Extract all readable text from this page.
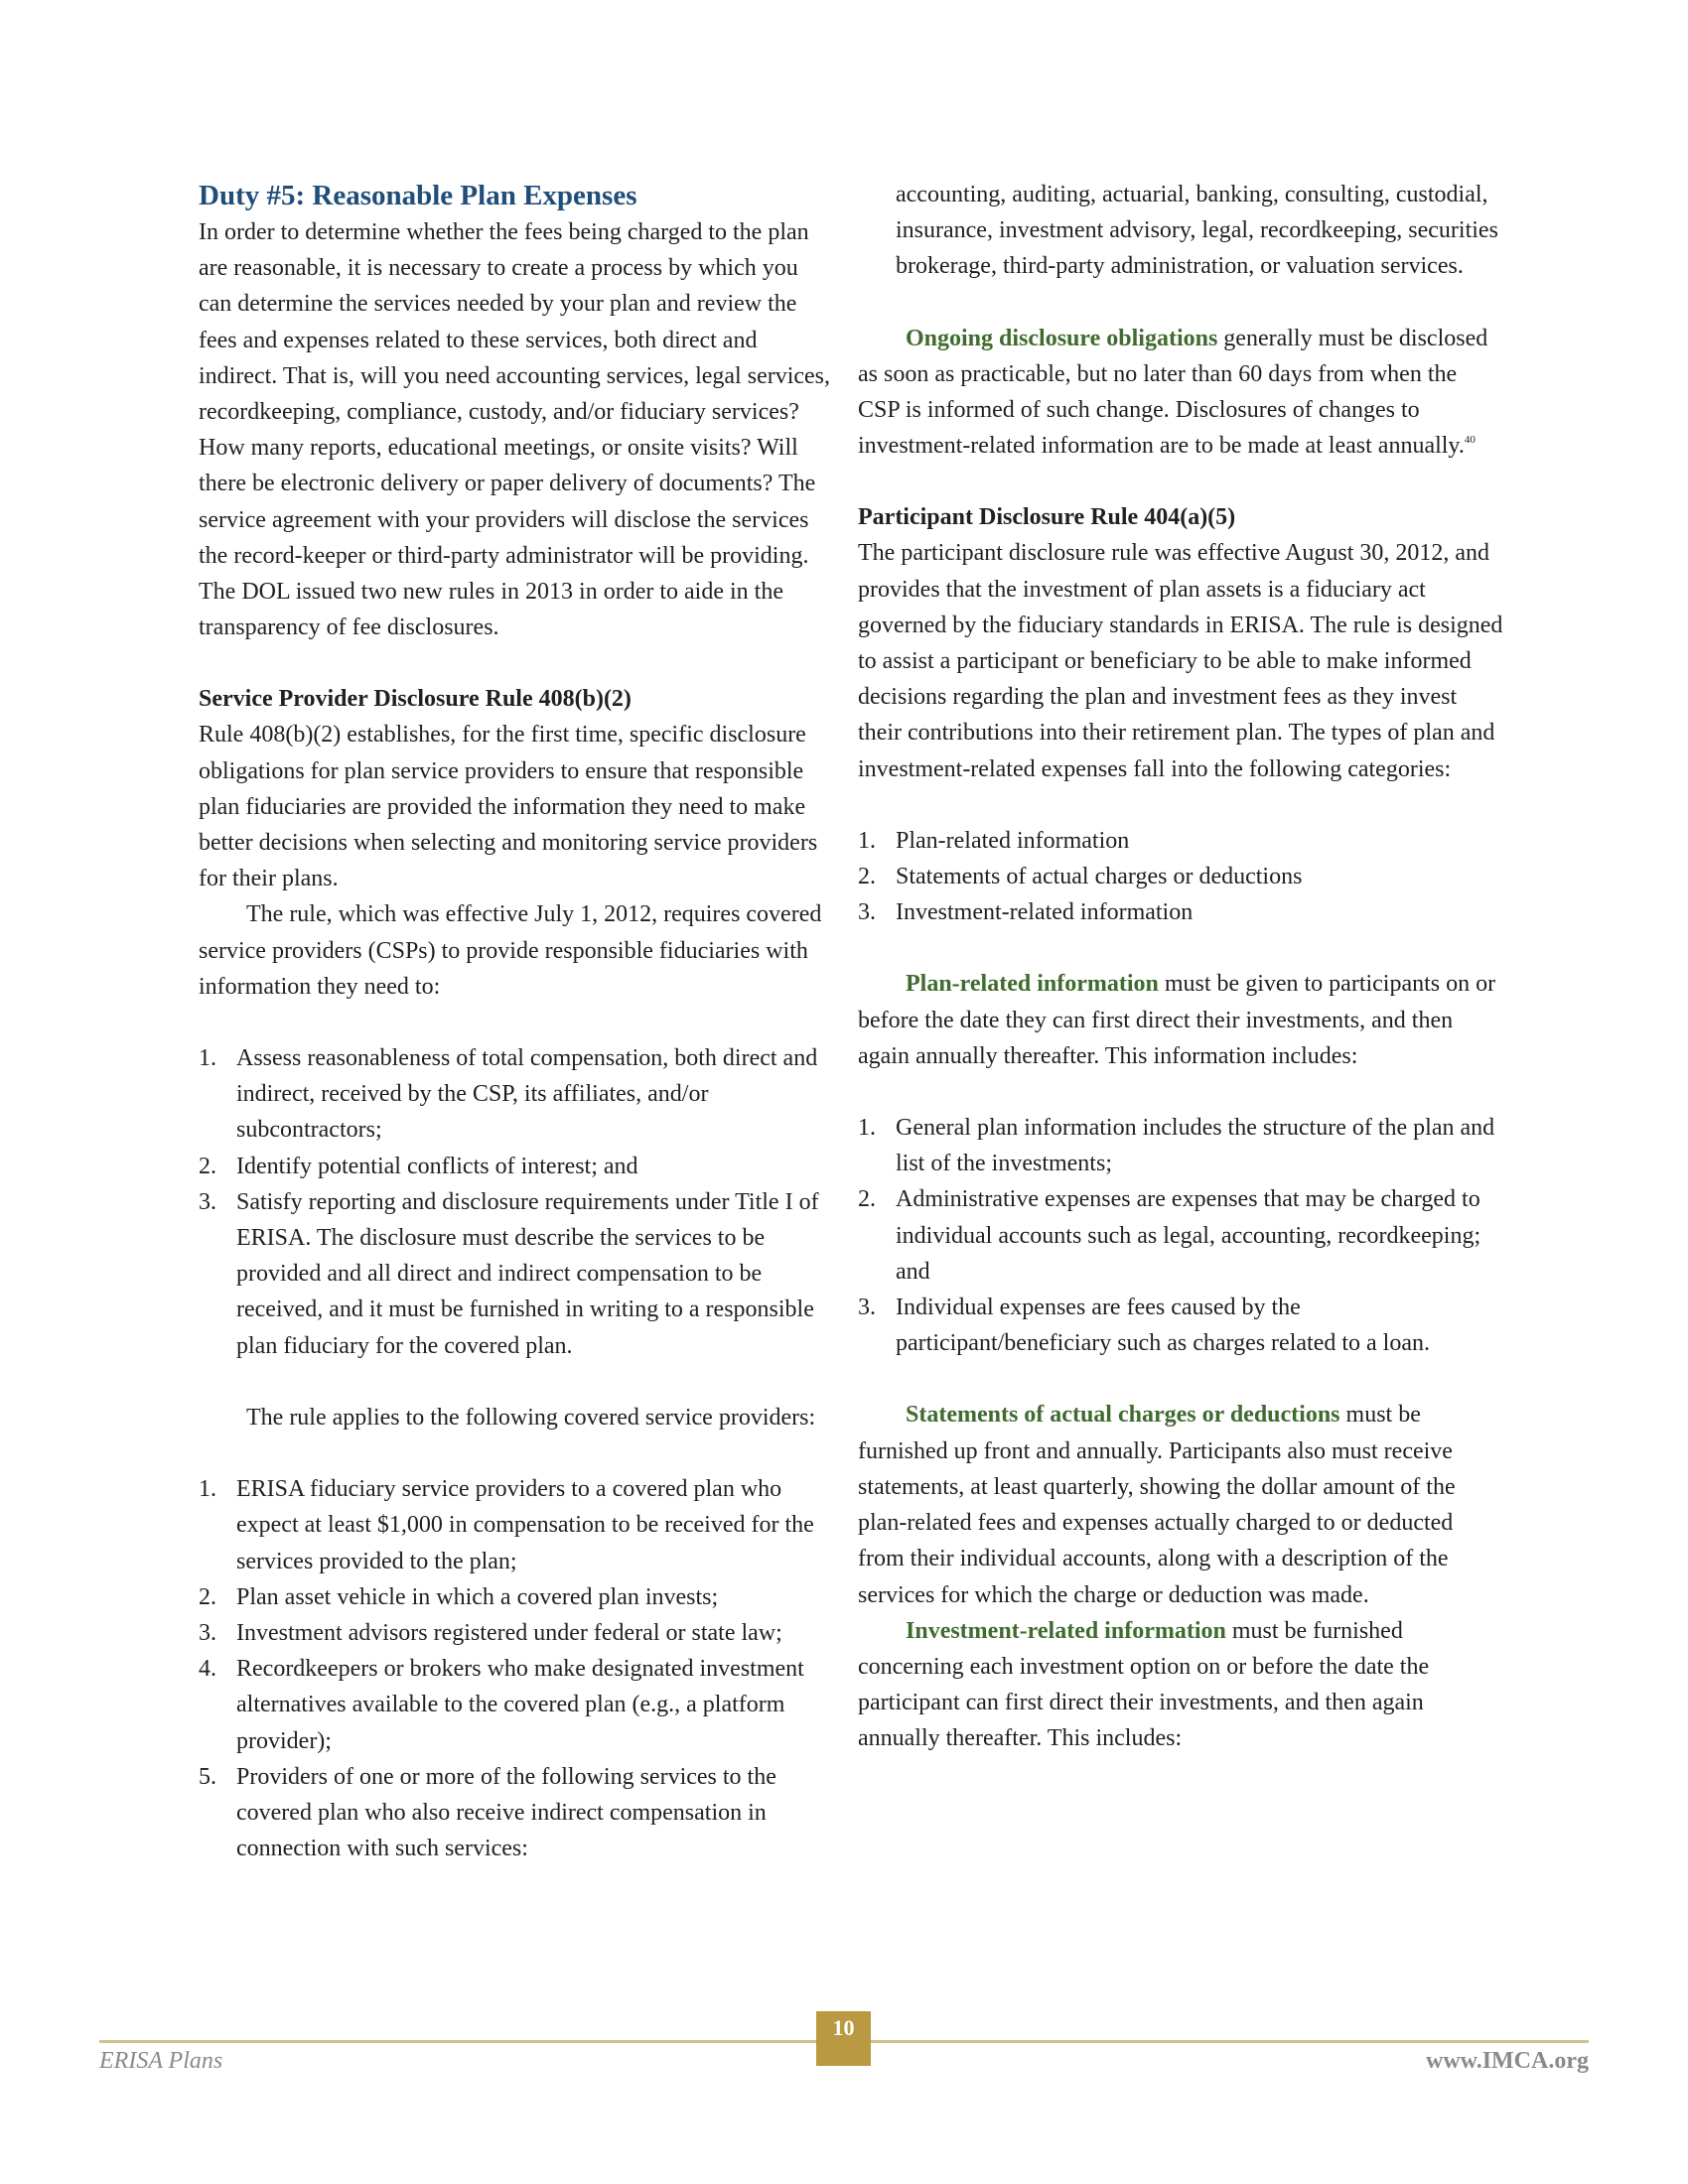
Duty #5: Reasonable Plan Expenses

In order to determine whether the fees being charged to the plan are reasonable, it is necessary to create a process by which you can determine the services needed by your plan and review the fees and expenses related to these services, both direct and indirect. That is, will you need accounting services, legal services, recordkeeping, compliance, custody, and/or fiduciary services? How many reports, educational meetings, or onsite visits? Will there be electronic delivery or paper delivery of documents? The service agreement with your providers will disclose the services the record-keeper or third-party administrator will be providing. The DOL issued two new rules in 2013 in order to aide in the transparency of fee disclosures.

Service Provider Disclosure Rule 408(b)(2)

Rule 408(b)(2) establishes, for the first time, specific disclosure obligations for plan service providers to ensure that responsible plan fiduciaries are provided the information they need to make better decisions when selecting and monitoring service providers for their plans.

The rule, which was effective July 1, 2012, requires covered service providers (CSPs) to provide responsible fiduciaries with information they need to:

1. Assess reasonableness of total compensation, both direct and indirect, received by the CSP, its affiliates, and/or subcontractors;
2. Identify potential conflicts of interest; and
3. Satisfy reporting and disclosure requirements under Title I of ERISA. The disclosure must describe the services to be provided and all direct and indirect compensation to be received, and it must be furnished in writing to a responsible plan fiduciary for the covered plan.

The rule applies to the following covered service providers:

1. ERISA fiduciary service providers to a covered plan who expect at least $1,000 in compensation to be received for the services provided to the plan;
2. Plan asset vehicle in which a covered plan invests;
3. Investment advisors registered under federal or state law;
4. Recordkeepers or brokers who make designated investment alternatives available to the covered plan (e.g., a platform provider);
5. Providers of one or more of the following services to the covered plan who also receive indirect compensation in connection with such services:

accounting, auditing, actuarial, banking, consulting, custodial, insurance, investment advisory, legal, recordkeeping, securities brokerage, third-party administration, or valuation services.

Ongoing disclosure obligations generally must be disclosed as soon as practicable, but no later than 60 days from when the CSP is informed of such change. Disclosures of changes to investment-related information are to be made at least annually.$^{40}$

Participant Disclosure Rule 404(a)(5)

The participant disclosure rule was effective August 30, 2012, and provides that the investment of plan assets is a fiduciary act governed by the fiduciary standards in ERISA. The rule is designed to assist a participant or beneficiary to be able to make informed decisions regarding the plan and investment fees as they invest their contributions into their retirement plan. The types of plan and investment-related expenses fall into the following categories:

1. Plan-related information
2. Statements of actual charges or deductions
3. Investment-related information

Plan-related information must be given to participants on or before the date they can first direct their investments, and then again annually thereafter. This information includes:

1. General plan information includes the structure of the plan and list of the investments;
2. Administrative expenses are expenses that may be charged to individual accounts such as legal, accounting, recordkeeping; and
3. Individual expenses are fees caused by the participant/beneficiary such as charges related to a loan.

Statements of actual charges or deductions must be furnished up front and annually. Participants also must receive statements, at least quarterly, showing the dollar amount of the plan-related fees and expenses actually charged to or deducted from their individual accounts, along with a description of the services for which the charge or deduction was made.

Investment-related information must be furnished concerning each investment option on or before the date the participant can first direct their investments, and then again annually thereafter. This includes:

10
ERISA Plans	www.IMCA.org
